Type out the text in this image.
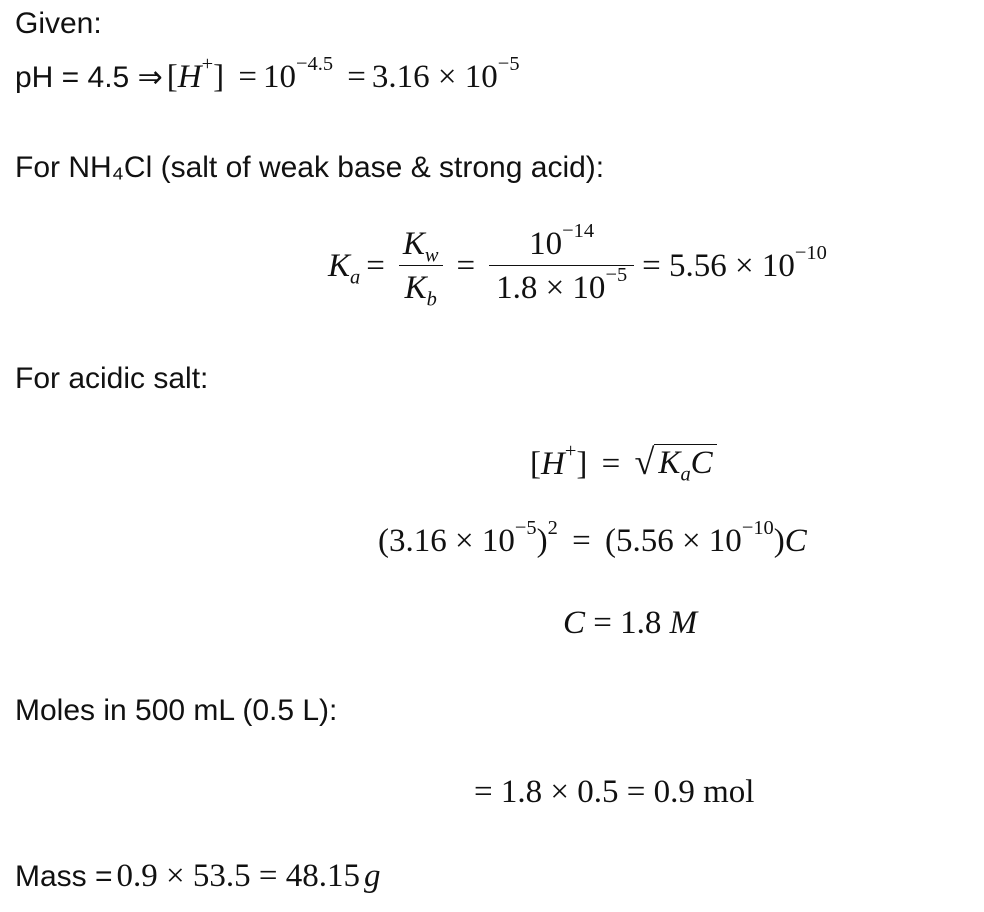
Given:
pH = 4.5 ⇒ $[H^+] = 10^{-4.5} = 3.16 \times 10^{-5}$
For NH₄Cl (salt of weak base & strong acid):
$K_a = \frac{K_w}{K_b} = \frac{10^{-14}}{1.8 \times 10^{-5}} = 5.56 \times 10^{-10}$
For acidic salt:
[H+] = √ $K_aC$
$(3.16 \times 10^{-5})^2 = (5.56 \times 10^{-10})C$
C = 1.8 M
Moles in 500 mL (0.5 L):
= 1.8 × 0.5 = 0.9 mol
Mass = 0.9 × 53.5 = 48.15 g
